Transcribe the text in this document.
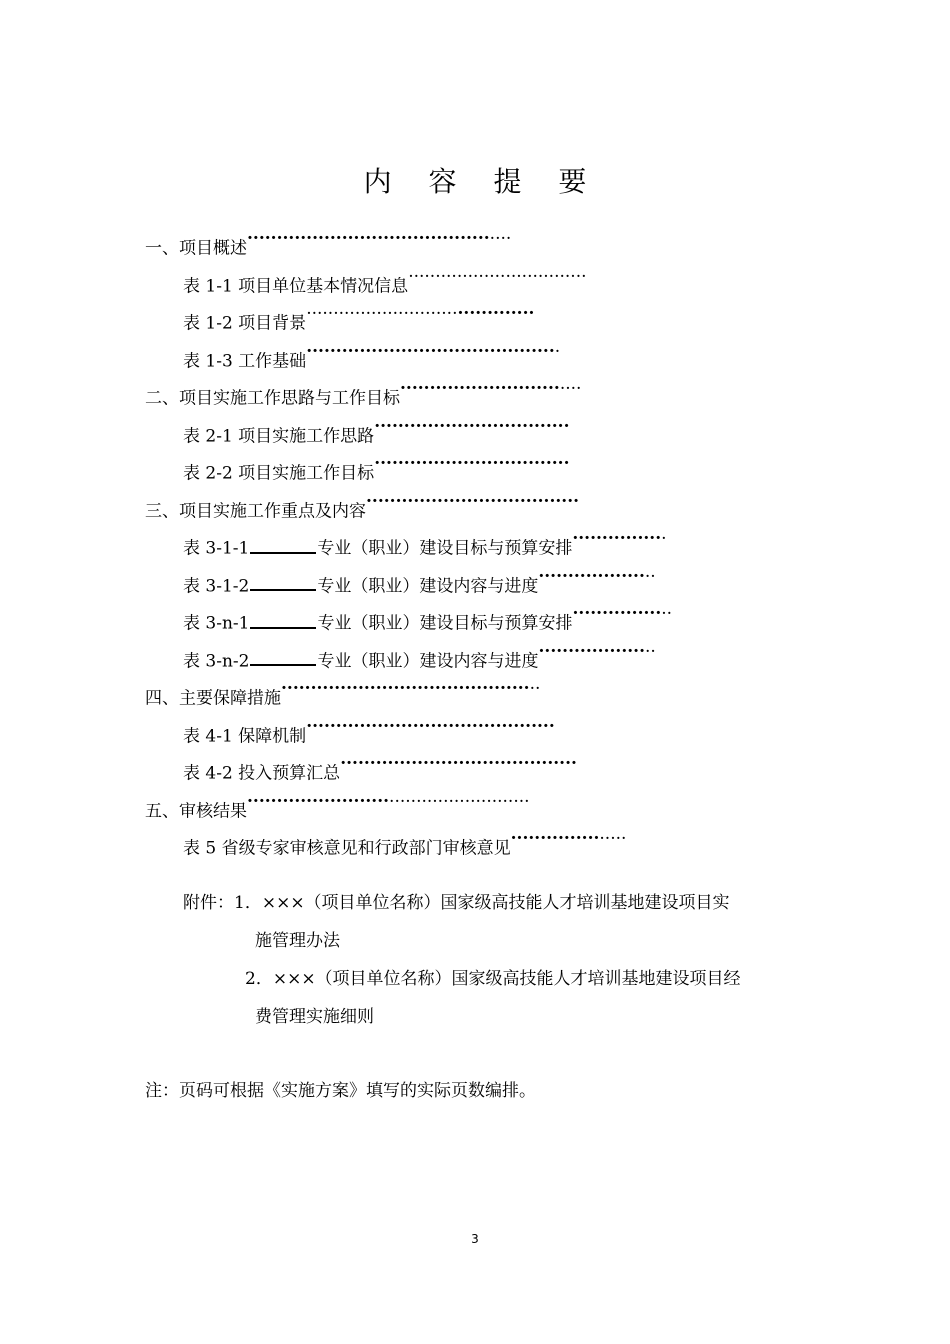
内 容 提 要
一、项目概述.............................................
表 1-1 项目单位基本情况信息.................................
表 1-2 项目背景.........................................
表 1-3 工作基础...........................................
二、项目实施工作思路与工作目标...............................
表 2-1 项目实施工作思路.................................
表 2-2 项目实施工作目标.................................
三、项目实施工作重点及内容....................................
表 3-1-1	专业（职业）建设目标与预算安排................
表 3-1-2	专业（职业）建设内容与进度....................
表 3-n-1	专业（职业）建设目标与预算安排.................
表 3-n-2	专业（职业）建设内容与进度....................
四、主要保障措施............................................
表 4-1 保障机制..........................................
表 4-2 投入预算汇总........................................
五、审核结果..................................................
表 5 省级专家审核意见和行政部门审核意见....................
附件：1．×××（项目单位名称）国家级高技能人才培训基地建设项目实
施管理办法
2．×××（项目单位名称）国家级高技能人才培训基地建设项目经
费管理实施细则
注：页码可根据《实施方案》填写的实际页数编排。
3
